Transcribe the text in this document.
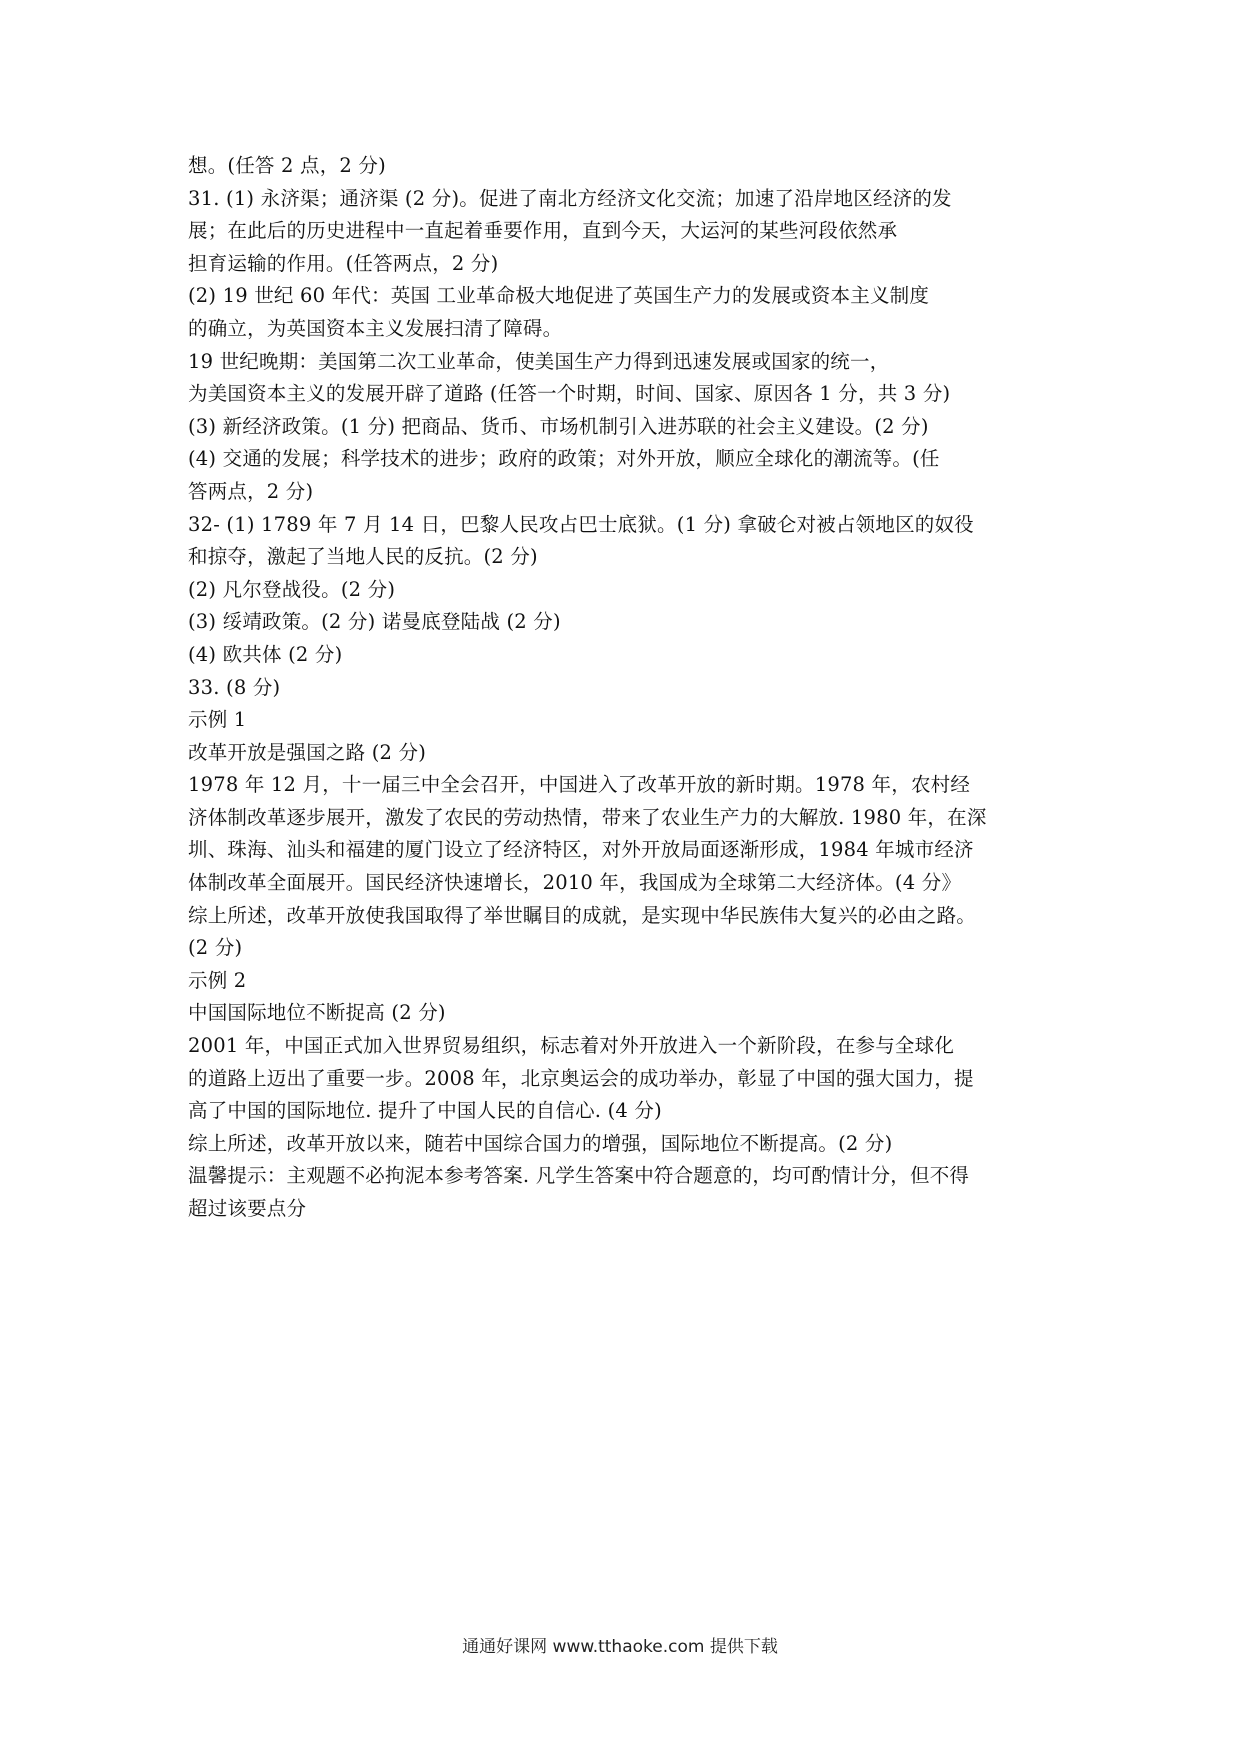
想。(任答 2 点，2 分)
31. (1) 永济渠；通济渠 (2 分)。促进了南北方经济文化交流；加速了沿岸地区经济的发
展；在此后的历史进程中一直起着垂要作用，直到今天，大运河的某些河段依然承
担育运输的作用。(任答两点，2 分)
(2) 19 世纪 60 年代：英国 工业革命极大地促进了英国生产力的发展或资本主义制度
的确立，为英国资本主义发展扫清了障碍。
19 世纪晚期：美国第二次工业革命，使美国生产力得到迅速发展或国家的统一，
为美国资本主义的发展开辟了道路 (任答一个时期，时间、国家、原因各 1 分，共 3 分)
(3) 新经济政策。(1 分) 把商品、货币、市场机制引入进苏联的社会主义建设。(2 分)
(4) 交通的发展；科学技术的进步；政府的政策；对外开放，顺应全球化的潮流等。(任
答两点，2 分)
32- (1) 1789 年 7 月 14 日，巴黎人民攻占巴士底狱。(1 分) 拿破仑对被占领地区的奴役
和掠夺，激起了当地人民的反抗。(2 分)
(2) 凡尔登战役。(2 分)
(3) 绥靖政策。(2 分) 诺曼底登陆战 (2 分)
(4) 欧共体 (2 分)
33. (8 分)
示例 1
改革开放是强国之路 (2 分)
1978 年 12 月，十一届三中全会召开，中国进入了改革开放的新时期。1978 年，农村经
济体制改革逐步展开，激发了农民的劳动热情，带来了农业生产力的大解放. 1980 年，在深
圳、珠海、汕头和福建的厦门设立了经济特区，对外开放局面逐渐形成，1984 年城市经济
体制改革全面展开。国民经济快速增长，2010 年，我国成为全球第二大经济体。(4 分》
综上所述，改革开放使我国取得了举世瞩目的成就，是实现中华民族伟大复兴的必由之路。
(2 分)
示例 2
中国国际地位不断捉高 (2 分)
2001 年，中国正式加入世界贸易组织，标志着对外开放进入一个新阶段，在参与全球化
的道路上迈出了重要一步。2008 年，北京奥运会的成功举办，彰显了中国的强大国力，提
高了中国的国际地位. 提升了中国人民的自信心. (4 分)
综上所述，改革开放以来，随若中国综合国力的增强，国际地位不断提高。(2 分)
温馨提示：主观题不必拘泥本参考答案. 凡学生答案中符合题意的，均可酌情计分，但不得
超过该要点分
通通好课网 www.tthaoke.com 提供下载
